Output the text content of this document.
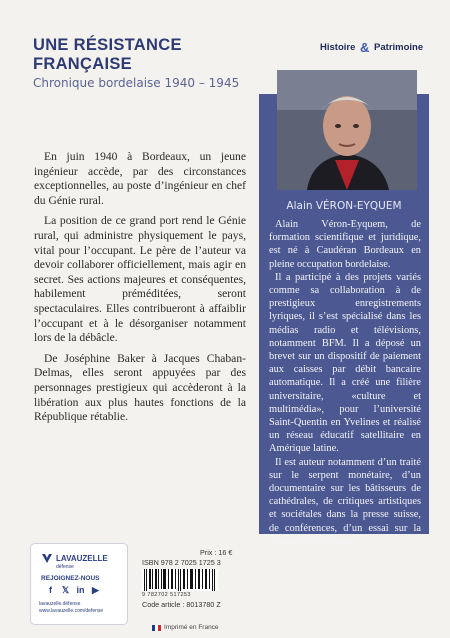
UNE RÉSISTANCE FRANÇAISE
Chronique bordelaise 1940 – 1945
Histoire & Patrimoine

En juin 1940 à Bordeaux, un jeune ingénieur accède, par des circonstances exceptionnelles, au poste d’ingénieur en chef du Génie rural.

La position de ce grand port rend le Génie rural, qui administre physiquement le pays, vital pour l’occupant. Le père de l’auteur va devoir collaborer officiellement, mais agir en secret. Ses actions majeures et conséquentes, habilement préméditées, seront spectaculaires. Elles contribueront à affaiblir l’occupant et à le désorganiser notamment lors de la débâcle.

De Joséphine Baker à Jacques Chaban-Delmas, elles seront appuyées par des personnages prestigieux qui accèderont à la libération aux plus hautes fonctions de la République rétablie.

Alain VÉRON-EYQUEM

Alain Véron-Eyquem, de formation scientifique et juridique, est né à Caudéran Bordeaux en pleine occupation bordelaise.

Il a participé à des projets variés comme sa collaboration à de prestigieux enregistrements lyriques, il s’est spécialisé dans les médias radio et télévisions, notamment BFM. Il a déposé un brevet sur un dispositif de paiement aux caisses par débit bancaire automatique. Il a créé une filière universitaire, «culture et multimédia», pour l’université Saint-Quentin en Yvelines et réalisé un réseau éducatif satellitaire en Amérique latine.

Il est auteur notamment d’un traité sur le serpent monétaire, d’un documentaire sur les bâtisseurs de cathédrales, de critiques artistiques et sociétales dans la presse suisse, de conférences, d’un essai sur la virtualité de l’image.

LAVAUZELLE
défense
REJOIGNEZ-NOUS
f	𝕏 in ▶
lavauzelle.défense
www.lavauzelle.com/defense
Prix : 16 €
ISBN 978 2 7025 1725 3
9 782702 517253
Code article : 8013780 Z
Imprimé en France
